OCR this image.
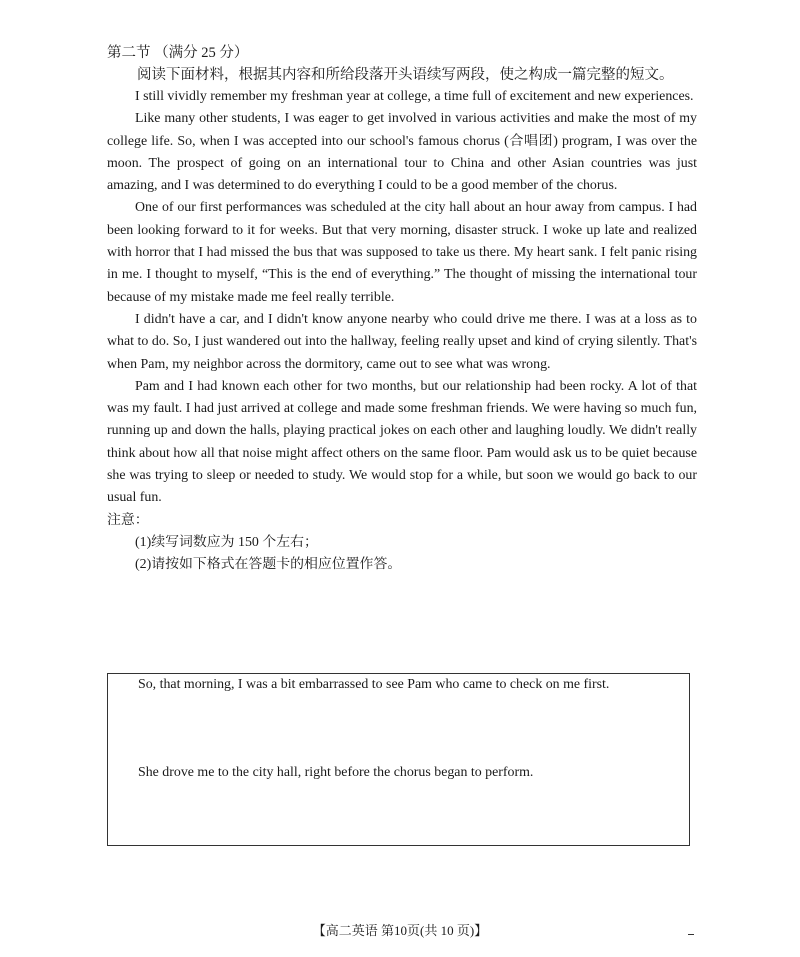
第二节 （满分 25 分）

阅读下面材料，根据其内容和所给段落开头语续写两段，使之构成一篇完整的短文。

I still vividly remember my freshman year at college, a time full of excitement and new experiences.

Like many other students, I was eager to get involved in various activities and make the most of my college life. So, when I was accepted into our school's famous chorus (合唱团) program, I was over the moon. The prospect of going on an international tour to China and other Asian countries was just amazing, and I was determined to do everything I could to be a good member of the chorus.

One of our first performances was scheduled at the city hall about an hour away from campus. I had been looking forward to it for weeks. But that very morning, disaster struck. I woke up late and realized with horror that I had missed the bus that was supposed to take us there. My heart sank. I felt panic rising in me. I thought to myself, “This is the end of everything.” The thought of missing the international tour because of my mistake made me feel really terrible.

I didn't have a car, and I didn't know anyone nearby who could drive me there. I was at a loss as to what to do. So, I just wandered out into the hallway, feeling really upset and kind of crying silently. That's when Pam, my neighbor across the dormitory, came out to see what was wrong.

Pam and I had known each other for two months, but our relationship had been rocky. A lot of that was my fault. I had just arrived at college and made some freshman friends. We were having so much fun, running up and down the halls, playing practical jokes on each other and laughing loudly. We didn't really think about how all that noise might affect others on the same floor. Pam would ask us to be quiet because she was trying to sleep or needed to study. We would stop for a while, but soon we would go back to our usual fun.

注意：

(1)续写词数应为 150 个左右；

(2)请按如下格式在答题卡的相应位置作答。

So, that morning, I was a bit embarrassed to see Pam who came to check on me first.

She drove me to the city hall, right before the chorus began to perform.

【高二英语 第10页(共 10 页)】
